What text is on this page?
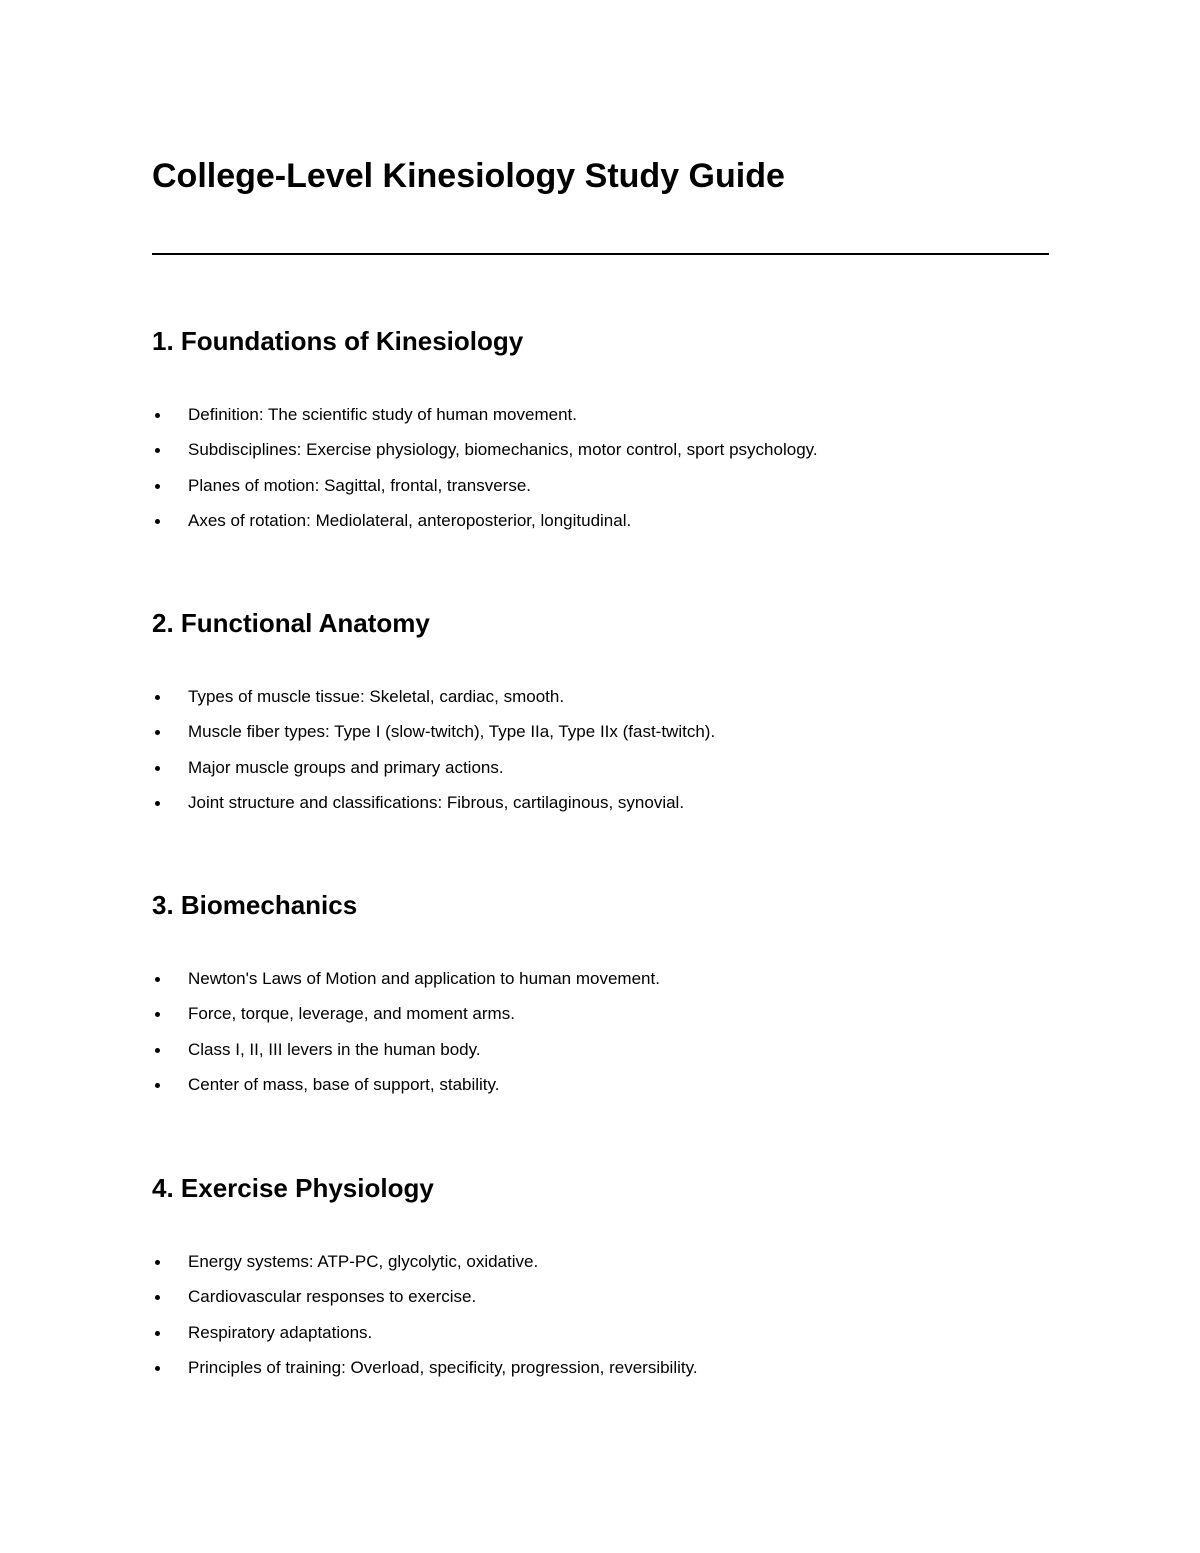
College-Level Kinesiology Study Guide
1. Foundations of Kinesiology
Definition: The scientific study of human movement.
Subdisciplines: Exercise physiology, biomechanics, motor control, sport psychology.
Planes of motion: Sagittal, frontal, transverse.
Axes of rotation: Mediolateral, anteroposterior, longitudinal.
2. Functional Anatomy
Types of muscle tissue: Skeletal, cardiac, smooth.
Muscle fiber types: Type I (slow-twitch), Type IIa, Type IIx (fast-twitch).
Major muscle groups and primary actions.
Joint structure and classifications: Fibrous, cartilaginous, synovial.
3. Biomechanics
Newton's Laws of Motion and application to human movement.
Force, torque, leverage, and moment arms.
Class I, II, III levers in the human body.
Center of mass, base of support, stability.
4. Exercise Physiology
Energy systems: ATP-PC, glycolytic, oxidative.
Cardiovascular responses to exercise.
Respiratory adaptations.
Principles of training: Overload, specificity, progression, reversibility.
